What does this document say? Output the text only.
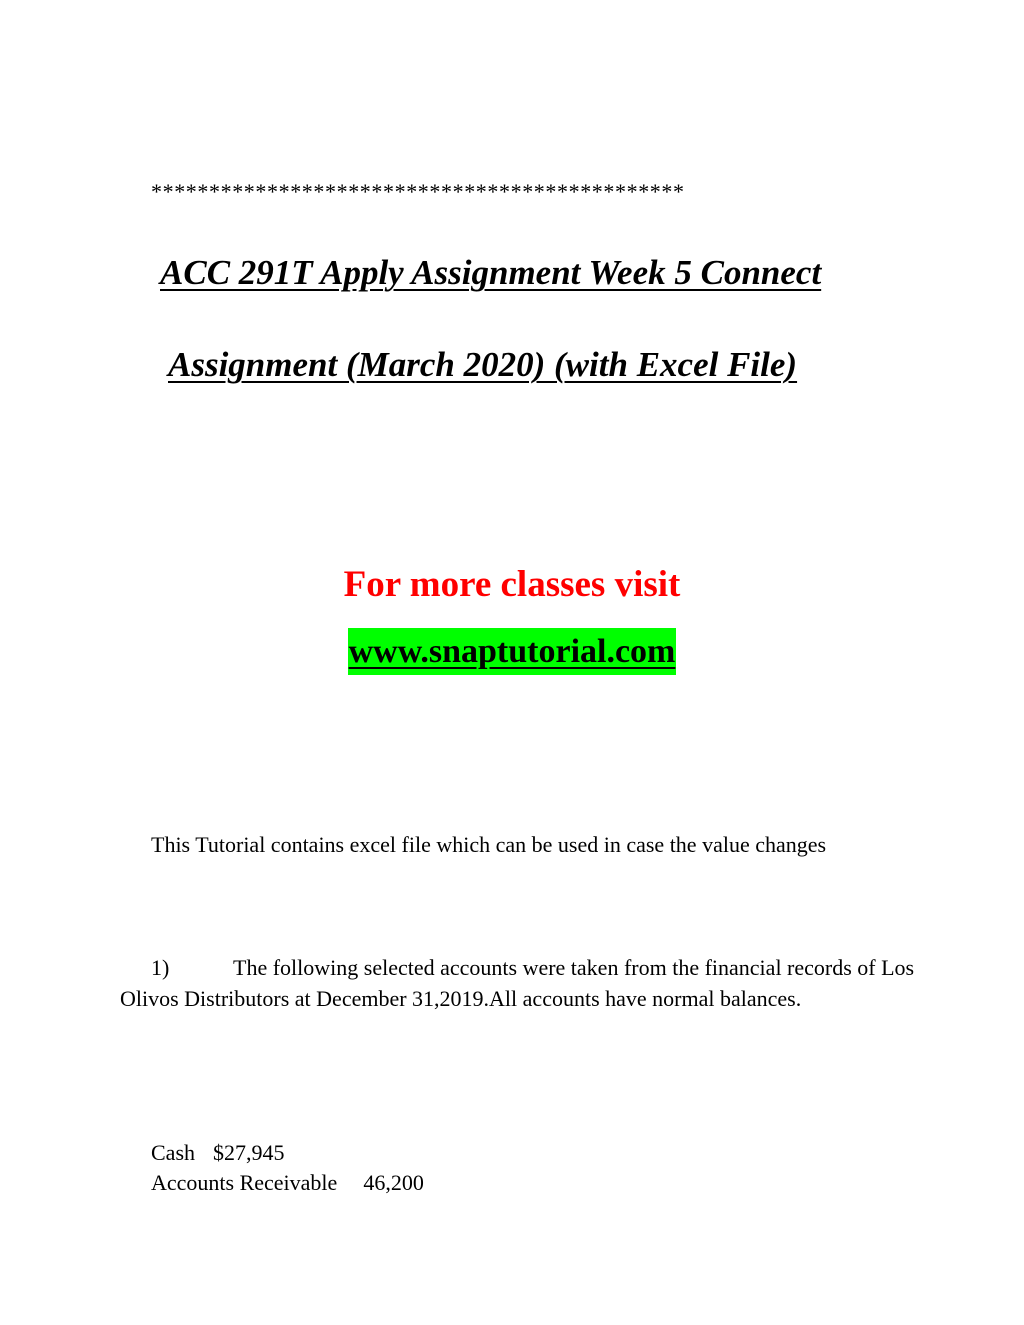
**********************************************
ACC 291T Apply Assignment Week 5 Connect
Assignment (March 2020) (with Excel File)
For more classes visit
www.snaptutorial.com
This Tutorial contains excel file which can be used in case the value changes
1)	The following selected accounts were taken from the financial records of Los Olivos Distributors at December 31,2019.All accounts have normal balances.
Cash $27,945
Accounts Receivable 46,200
